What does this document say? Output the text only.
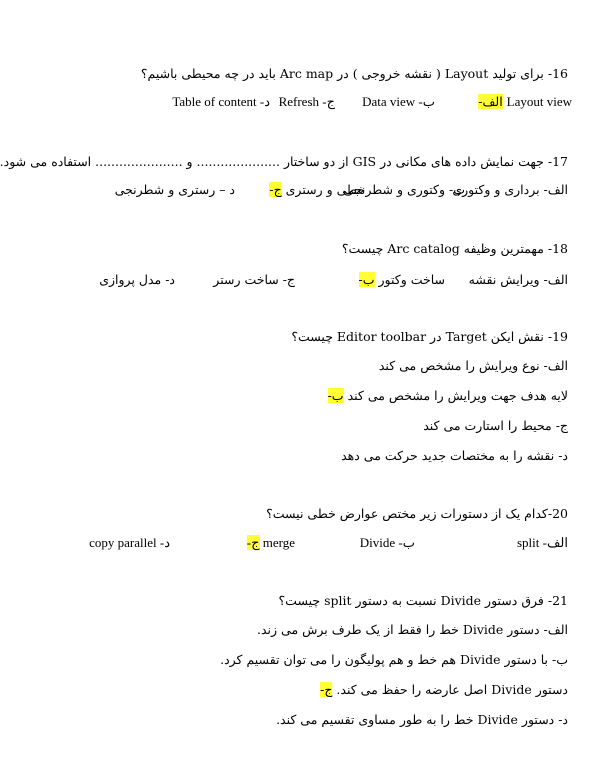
16- برای تولید Layout ( نقشه خروجی ) در Arc map باید در چه محیطی باشیم؟
Layout view الف-
ب- Data view
ج- Refresh
د- Table of content
17- جهت نمایش داده های مکانی در GIS از دو ساختار ..................... و ...................... استفاده می شود.
الف- برداری و وکتوری
ب- وکتوری و شطرنجی
خطی و رستری ج-
د – رستری و شطرنجی
18- مهمترین وظیفه Arc catalog چیست؟
الف- ویرایش نقشه
ساخت وکتور ب-
ج- ساخت رستر
د- مدل پروازی
19- نقش ایکن Target در Editor toolbar چیست؟
الف- نوع ویرایش را مشخص می کند
لایه هدف جهت ویرایش را مشخص می کند ب-
ج- محیط را استارت می کند
د- نقشه را به مختصات جدید حرکت می دهد
20-کدام یک از دستورات زیر مختص عوارض خطی نیست؟
الف- split
ب- Divide
merge ج-
د- copy parallel
21- فرق دستور Divide نسبت به دستور split چیست؟
الف- دستور Divide خط را فقط از یک طرف برش می زند.
ب- با دستور Divide هم خط و هم پولیگون را می توان تقسیم کرد.
دستور Divide اصل عارضه را حفظ می کند. ج-
د- دستور Divide خط را به طور مساوی تقسیم می کند.
